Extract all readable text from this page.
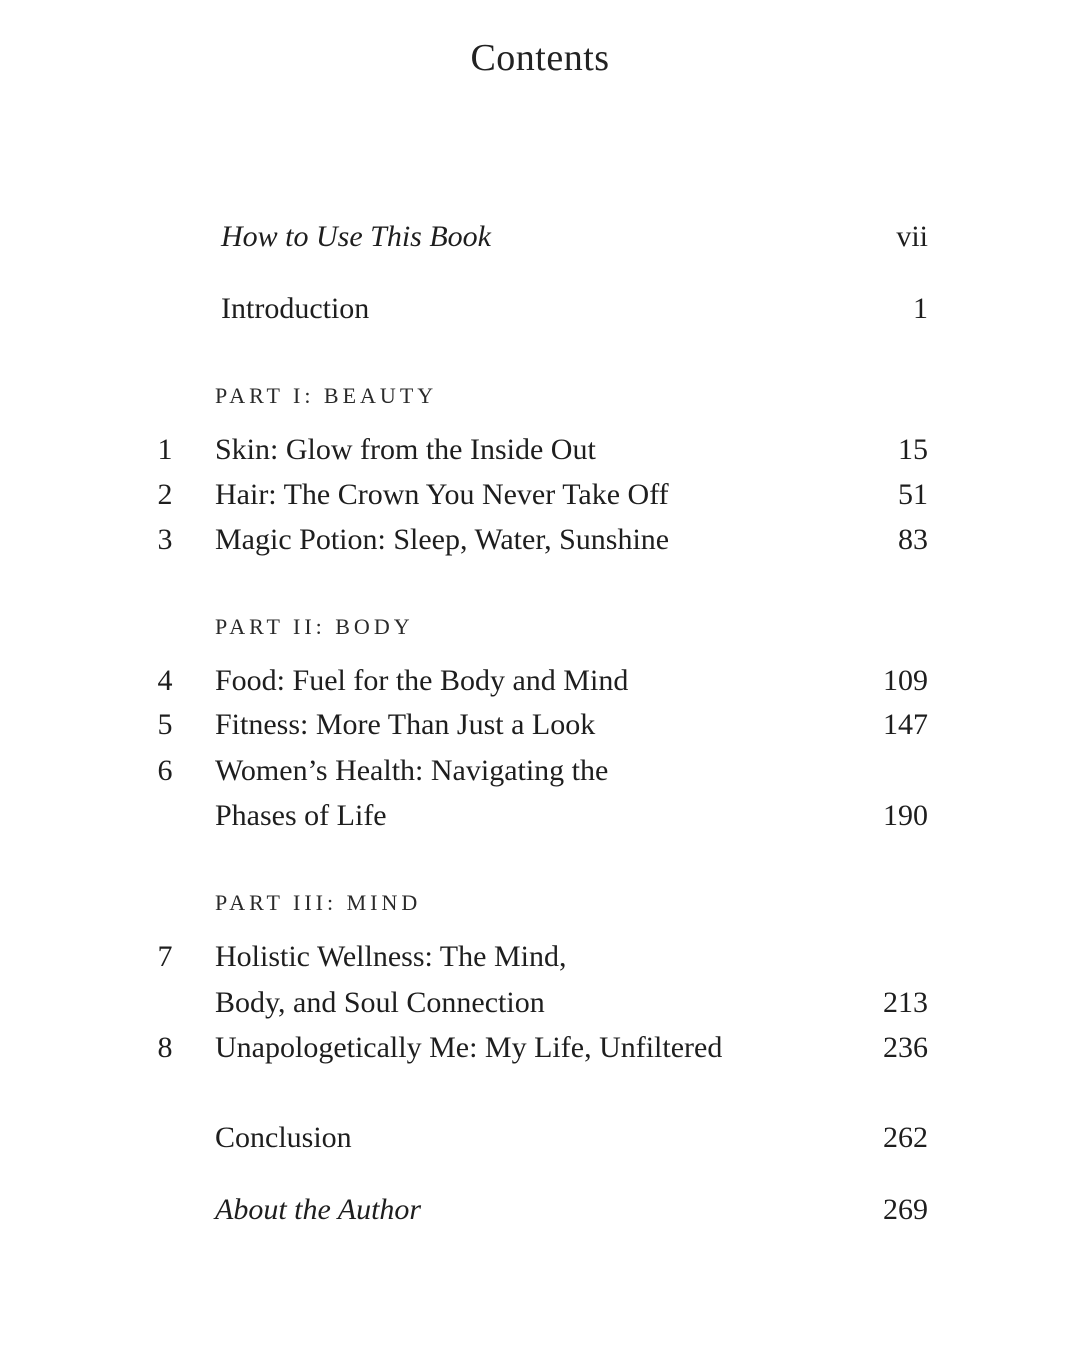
Contents
How to Use This Book	vii
Introduction	1
PART I: BEAUTY
1 Skin: Glow from the Inside Out	15
2 Hair: The Crown You Never Take Off	51
3 Magic Potion: Sleep, Water, Sunshine	83
PART II: BODY
4 Food: Fuel for the Body and Mind	109
5 Fitness: More Than Just a Look	147
6 Women’s Health: Navigating the
Phases of Life	190
PART III: MIND
7 Holistic Wellness: The Mind,
Body, and Soul Connection	213
8 Unapologetically Me: My Life, Unfiltered	236
Conclusion	262
About the Author	269
